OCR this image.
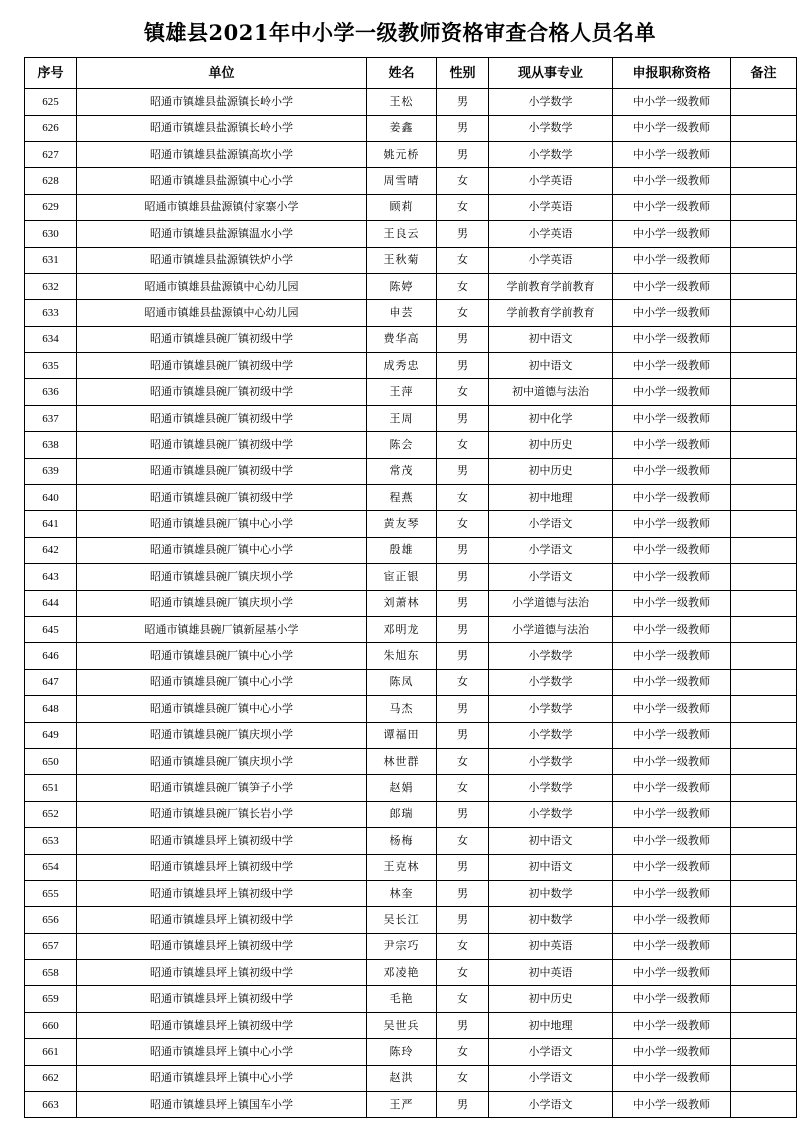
镇雄县2021年中小学一级教师资格审查合格人员名单
序号	单位	姓名	性别	现从事专业	申报职称资格	备注
625	昭通市镇雄县盐源镇长岭小学	王松	男	小学数学	中小学一级教师	
626	昭通市镇雄县盐源镇长岭小学	姜鑫	男	小学数学	中小学一级教师	
627	昭通市镇雄县盐源镇高坎小学	姚元桥	男	小学数学	中小学一级教师	
628	昭通市镇雄县盐源镇中心小学	周雪晴	女	小学英语	中小学一级教师	
629	昭通市镇雄县盐源镇付家寨小学	顾莉	女	小学英语	中小学一级教师	
630	昭通市镇雄县盐源镇温水小学	王良云	男	小学英语	中小学一级教师	
631	昭通市镇雄县盐源镇铁炉小学	王秋菊	女	小学英语	中小学一级教师	
632	昭通市镇雄县盐源镇中心幼儿园	陈婷	女	学前教育学前教育	中小学一级教师	
633	昭通市镇雄县盐源镇中心幼儿园	申芸	女	学前教育学前教育	中小学一级教师	
634	昭通市镇雄县碗厂镇初级中学	费华高	男	初中语文	中小学一级教师	
635	昭通市镇雄县碗厂镇初级中学	成秀忠	男	初中语文	中小学一级教师	
636	昭通市镇雄县碗厂镇初级中学	王萍	女	初中道德与法治	中小学一级教师	
637	昭通市镇雄县碗厂镇初级中学	王周	男	初中化学	中小学一级教师	
638	昭通市镇雄县碗厂镇初级中学	陈会	女	初中历史	中小学一级教师	
639	昭通市镇雄县碗厂镇初级中学	常茂	男	初中历史	中小学一级教师	
640	昭通市镇雄县碗厂镇初级中学	程燕	女	初中地理	中小学一级教师	
641	昭通市镇雄县碗厂镇中心小学	黄友琴	女	小学语文	中小学一级教师	
642	昭通市镇雄县碗厂镇中心小学	殷雄	男	小学语文	中小学一级教师	
643	昭通市镇雄县碗厂镇庆坝小学	宦正银	男	小学语文	中小学一级教师	
644	昭通市镇雄县碗厂镇庆坝小学	刘萧林	男	小学道德与法治	中小学一级教师	
645	昭通市镇雄县碗厂镇新屋基小学	邓明龙	男	小学道德与法治	中小学一级教师	
646	昭通市镇雄县碗厂镇中心小学	朱旭东	男	小学数学	中小学一级教师	
647	昭通市镇雄县碗厂镇中心小学	陈凤	女	小学数学	中小学一级教师	
648	昭通市镇雄县碗厂镇中心小学	马杰	男	小学数学	中小学一级教师	
649	昭通市镇雄县碗厂镇庆坝小学	谭福田	男	小学数学	中小学一级教师	
650	昭通市镇雄县碗厂镇庆坝小学	林世群	女	小学数学	中小学一级教师	
651	昭通市镇雄县碗厂镇笋子小学	赵娟	女	小学数学	中小学一级教师	
652	昭通市镇雄县碗厂镇长岩小学	郎瑞	男	小学数学	中小学一级教师	
653	昭通市镇雄县坪上镇初级中学	杨梅	女	初中语文	中小学一级教师	
654	昭通市镇雄县坪上镇初级中学	王克林	男	初中语文	中小学一级教师	
655	昭通市镇雄县坪上镇初级中学	林奎	男	初中数学	中小学一级教师	
656	昭通市镇雄县坪上镇初级中学	吴长江	男	初中数学	中小学一级教师	
657	昭通市镇雄县坪上镇初级中学	尹宗巧	女	初中英语	中小学一级教师	
658	昭通市镇雄县坪上镇初级中学	邓凌艳	女	初中英语	中小学一级教师	
659	昭通市镇雄县坪上镇初级中学	毛艳	女	初中历史	中小学一级教师	
660	昭通市镇雄县坪上镇初级中学	吴世兵	男	初中地理	中小学一级教师	
661	昭通市镇雄县坪上镇中心小学	陈玲	女	小学语文	中小学一级教师	
662	昭通市镇雄县坪上镇中心小学	赵洪	女	小学语文	中小学一级教师	
663	昭通市镇雄县坪上镇国车小学	王严	男	小学语文	中小学一级教师	
